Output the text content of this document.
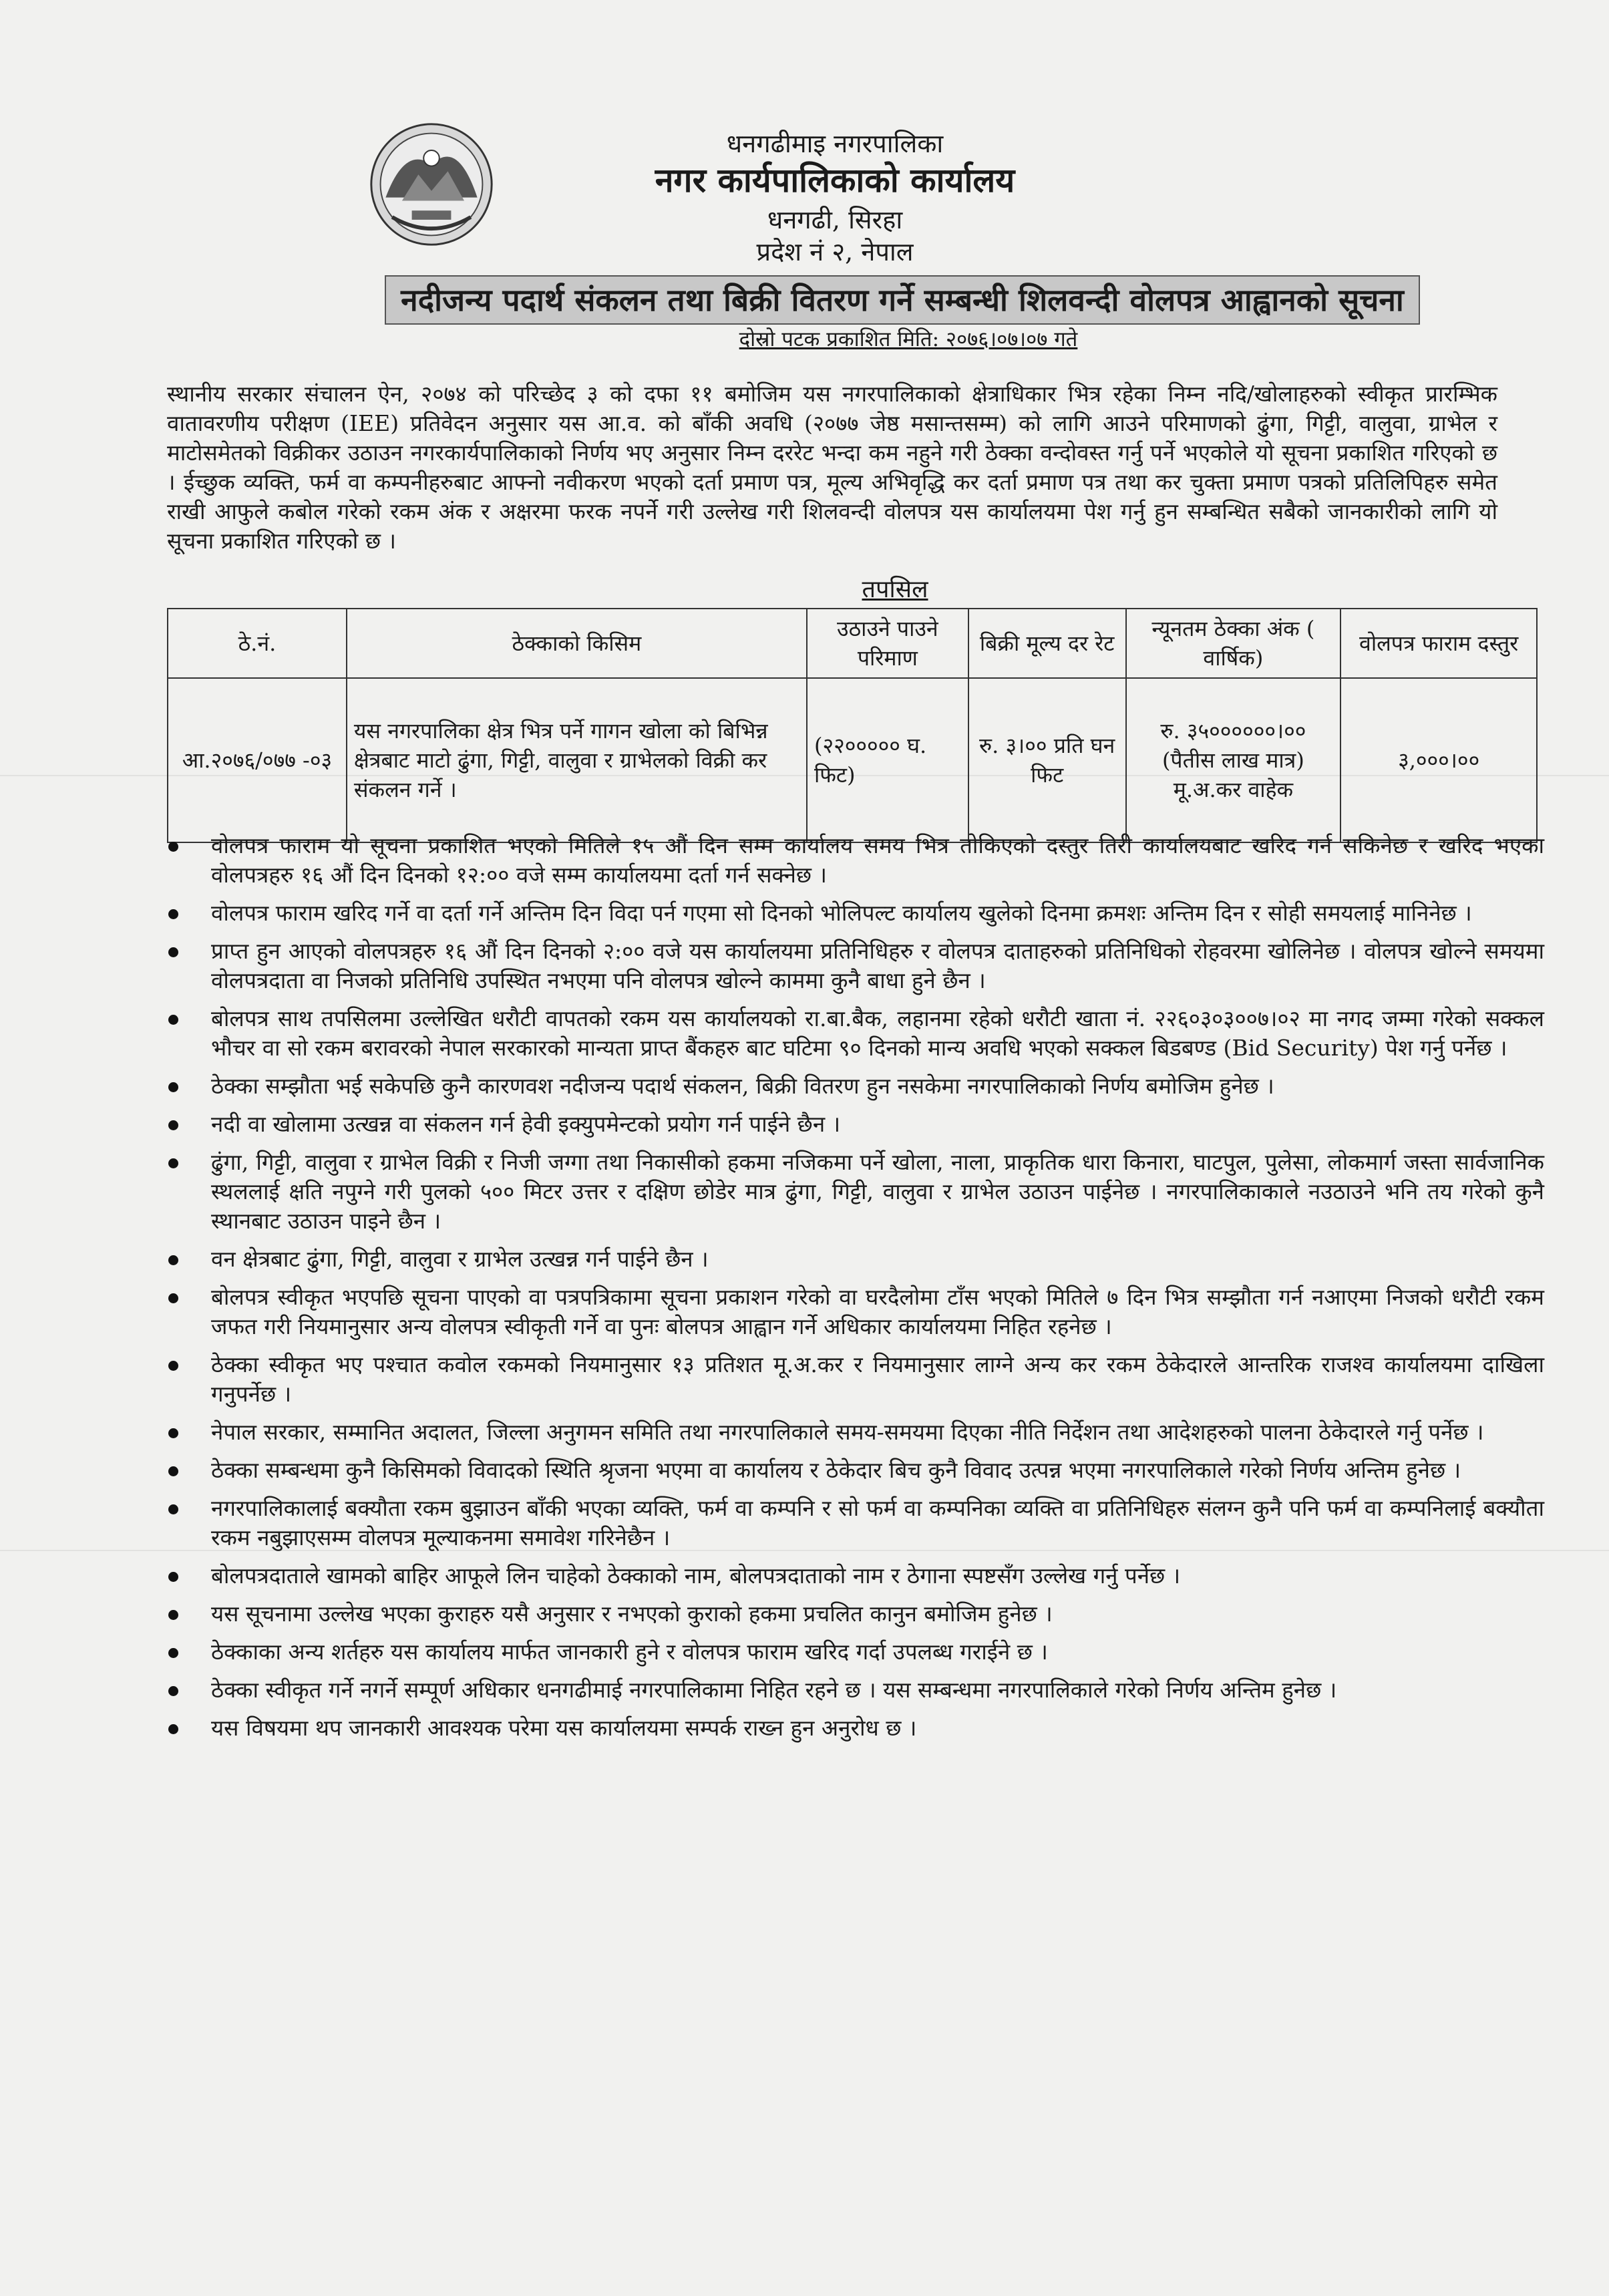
धनगढीमाइ नगरपालिका
नगर कार्यपालिकाको कार्यालय
धनगढी, सिरहा
प्रदेश नं २, नेपाल
नदीजन्य पदार्थ संकलन तथा बिक्री वितरण गर्ने सम्बन्धी शिलवन्दी वोलपत्र आह्वानको सूचना
दोस्रो पटक प्रकाशित मिति: २०७६।०७।०७ गते
स्थानीय सरकार संचालन ऐन, २०७४ को परिच्छेद ३ को दफा ११ बमोजिम यस नगरपालिकाको क्षेत्राधिकार भित्र रहेका निम्न नदि/खोलाहरुको स्वीकृत प्रारम्भिक वातावरणीय परीक्षण (IEE) प्रतिवेदन अनुसार यस आ.व. को बाँकी अवधि (२०७७ जेष्ठ मसान्तसम्म) को लागि आउने परिमाणको ढुंगा, गिट्टी, वालुवा, ग्राभेल र माटोसमेतको विक्रीकर उठाउन नगरकार्यपालिकाको निर्णय भए अनुसार निम्न दररेट भन्दा कम नहुने गरी ठेक्का वन्दोवस्त गर्नु पर्ने भएकोले यो सूचना प्रकाशित गरिएको छ । ईच्छुक व्यक्ति, फर्म वा कम्पनीहरुबाट आफ्नो नवीकरण भएको दर्ता प्रमाण पत्र, मूल्य अभिवृद्धि कर दर्ता प्रमाण पत्र तथा कर चुक्ता प्रमाण पत्रको प्रतिलिपिहरु समेत राखी आफुले कबोल गरेको रकम अंक र अक्षरमा फरक नपर्ने गरी उल्लेख गरी शिलवन्दी वोलपत्र यस कार्यालयमा पेश गर्नु हुन सम्बन्धित सबैको जानकारीको लागि यो सूचना प्रकाशित गरिएको छ ।
तपसिल
ठे.नं.	ठेक्काको किसिम	उठाउने पाउने परिमाण	बिक्री मूल्य दर रेट	न्यूनतम ठेक्का अंक ( वार्षिक)	वोलपत्र फाराम दस्तुर
आ.२०७६/०७७ -०३	यस नगरपालिका क्षेत्र भित्र पर्ने गागन खोला को बिभिन्न क्षेत्रबाट माटो ढुंगा, गिट्टी, वालुवा र ग्राभेलको विक्री कर संकलन गर्ने ।	(२२००००० घ. फिट)	रु. ३।०० प्रति घन फिट	रु. ३५००००००।०० (पैतीस लाख मात्र) मू.अ.कर वाहेक	३,०००।००
वोलपत्र फाराम यो सूचना प्रकाशित भएको मितिले १५ औं दिन सम्म कार्यालय समय भित्र तोकिएको दस्तुर तिरी कार्यालयबाट खरिद गर्न सकिनेछ र खरिद भएका वोलपत्रहरु १६ औं दिन दिनको १२:०० वजे सम्म कार्यालयमा दर्ता गर्न सक्नेछ ।
वोलपत्र फाराम खरिद गर्ने वा दर्ता गर्ने अन्तिम दिन विदा पर्न गएमा सो दिनको भोलिपल्ट कार्यालय खुलेको दिनमा क्रमशः अन्तिम दिन र सोही समयलाई मानिनेछ ।
प्राप्त हुन आएको वोलपत्रहरु १६ औं दिन दिनको २:०० वजे यस कार्यालयमा प्रतिनिधिहरु र वोलपत्र दाताहरुको प्रतिनिधिको रोहवरमा खोलिनेछ । वोलपत्र खोल्ने समयमा वोलपत्रदाता वा निजको प्रतिनिधि उपस्थित नभएमा पनि वोलपत्र खोल्ने काममा कुनै बाधा हुने छैन ।
बोलपत्र साथ तपसिलमा उल्लेखित धरौटी वापतको रकम यस कार्यालयको रा.बा.बैक, लहानमा रहेको धरौटी खाता नं. २२६०३०३००७।०२ मा नगद जम्मा गरेको सक्कल भौचर वा सो रकम बरावरको नेपाल सरकारको मान्यता प्राप्त बैंकहरु बाट घटिमा ९० दिनको मान्य अवधि भएको सक्कल बिडबण्ड (Bid Security) पेश गर्नु पर्नेछ ।
ठेक्का सम्झौता भई सकेपछि कुनै कारणवश नदीजन्य पदार्थ संकलन, बिक्री वितरण हुन नसकेमा नगरपालिकाको निर्णय बमोजिम हुनेछ ।
नदी वा खोलामा उत्खन्न वा संकलन गर्न हेवी इक्युपमेन्टको प्रयोग गर्न पाईने छैन ।
ढुंगा, गिट्टी, वालुवा र ग्राभेल विक्री र निजी जग्गा तथा निकासीको हकमा नजिकमा पर्ने खोला, नाला, प्राकृतिक धारा किनारा, घाटपुल, पुलेसा, लोकमार्ग जस्ता सार्वजानिक स्थललाई क्षति नपुग्ने गरी पुलको ५०० मिटर उत्तर र दक्षिण छोडेर मात्र ढुंगा, गिट्टी, वालुवा र ग्राभेल उठाउन पाईनेछ । नगरपालिकाकाले नउठाउने भनि तय गरेको कुनै स्थानबाट उठाउन पाइने छैन ।
वन क्षेत्रबाट ढुंगा, गिट्टी, वालुवा र ग्राभेल उत्खन्न गर्न पाईने छैन ।
बोलपत्र स्वीकृत भएपछि सूचना पाएको वा पत्रपत्रिकामा सूचना प्रकाशन गरेको वा घरदैलोमा टाँस भएको मितिले ७ दिन भित्र सम्झौता गर्न नआएमा निजको धरौटी रकम जफत गरी नियमानुसार अन्य वोलपत्र स्वीकृती गर्ने वा पुनः बोलपत्र आह्वान गर्ने अधिकार कार्यालयमा निहित रहनेछ ।
ठेक्का स्वीकृत भए पश्चात कवोल रकमको नियमानुसार १३ प्रतिशत मू.अ.कर र नियमानुसार लाग्ने अन्य कर रकम ठेकेदारले आन्तरिक राजश्व कार्यालयमा दाखिला गनुपर्नेछ ।
नेपाल सरकार, सम्मानित अदालत, जिल्ला अनुगमन समिति तथा नगरपालिकाले समय-समयमा दिएका नीति निर्देशन तथा आदेशहरुको पालना ठेकेदारले गर्नु पर्नेछ ।
ठेक्का सम्बन्धमा कुनै किसिमको विवादको स्थिति श्रृजना भएमा वा कार्यालय र ठेकेदार बिच कुनै विवाद उत्पन्न भएमा नगरपालिकाले गरेको निर्णय अन्तिम हुनेछ ।
नगरपालिकालाई बक्यौता रकम बुझाउन बाँकी भएका व्यक्ति, फर्म वा कम्पनि र सो फर्म वा कम्पनिका व्यक्ति वा प्रतिनिधिहरु संलग्न कुनै पनि फर्म वा कम्पनिलाई बक्यौता रकम नबुझाएसम्म वोलपत्र मूल्याकनमा समावेश गरिनेछैन ।
बोलपत्रदाताले खामको बाहिर आफूले लिन चाहेको ठेक्काको नाम, बोलपत्रदाताको नाम र ठेगाना स्पष्टसँग उल्लेख गर्नु पर्नेछ ।
यस सूचनामा उल्लेख भएका कुराहरु यसै अनुसार र नभएको कुराको हकमा प्रचलित कानुन बमोजिम हुनेछ ।
ठेक्काका अन्य शर्तहरु यस कार्यालय मार्फत जानकारी हुने र वोलपत्र फाराम खरिद गर्दा उपलब्ध गराईने छ ।
ठेक्का स्वीकृत गर्ने नगर्ने सम्पूर्ण अधिकार धनगढीमाई नगरपालिकामा निहित रहने छ । यस सम्बन्धमा नगरपालिकाले गरेको निर्णय अन्तिम हुनेछ ।
यस विषयमा थप जानकारी आवश्यक परेमा यस कार्यालयमा सम्पर्क राख्न हुन अनुरोध छ ।
